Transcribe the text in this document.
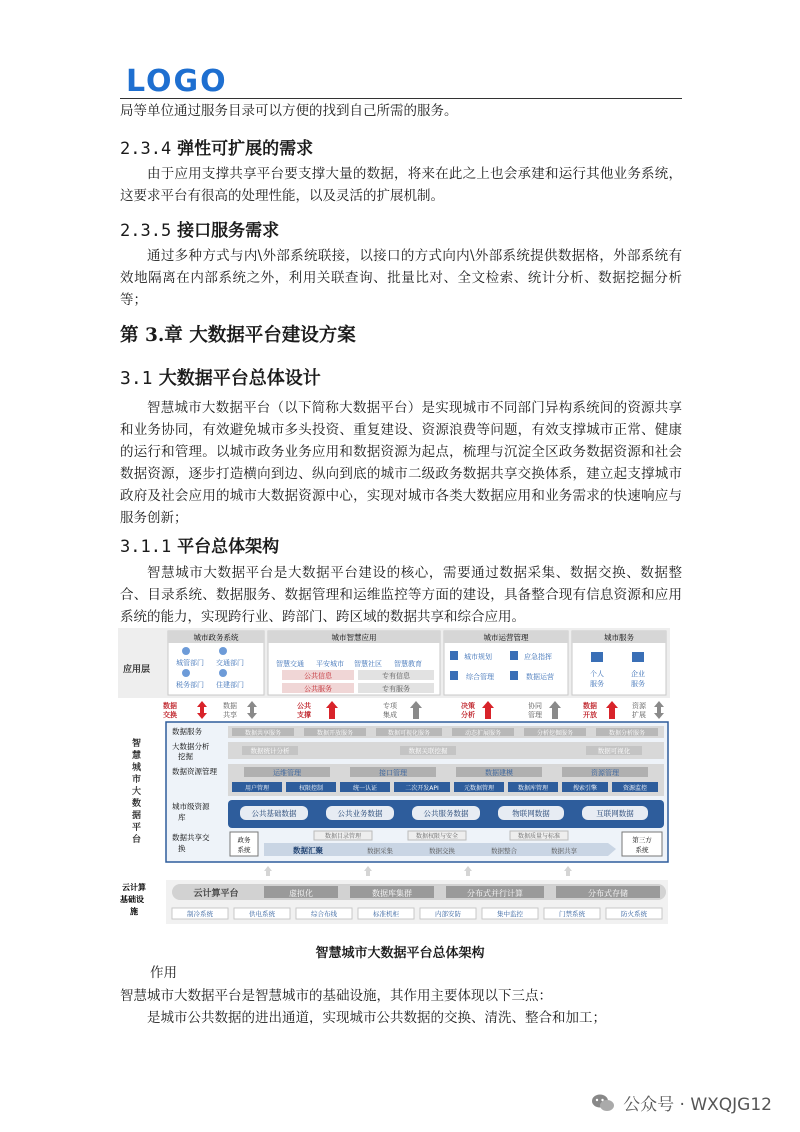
LOGO

局等单位通过服务目录可以方便的找到自己所需的服务。

2.3.4 弹性可扩展的需求

由于应用支撑共享平台要支撑大量的数据，将来在此之上也会承建和运行其他业务系统，这要求平台有很高的处理性能，以及灵活的扩展机制。

2.3.5 接口服务需求

通过多种方式与内\外部系统联接，以接口的方式向内\外部系统提供数据格，外部系统有效地隔离在内部系统之外，利用关联查询、批量比对、全文检索、统计分析、数据挖掘分析等；

第 3.章 大数据平台建设方案
3.1 大数据平台总体设计

智慧城市大数据平台（以下简称大数据平台）是实现城市不同部门异构系统间的资源共享和业务协同，有效避免城市多头投资、重复建设、资源浪费等问题，有效支撑城市正常、健康的运行和管理。以城市政务业务应用和数据资源为起点，梳理与沉淀全区政务数据资源和社会数据资源，逐步打造横向到边、纵向到底的城市二级政务数据共享交换体系，建立起支撑城市政府及社会应用的城市大数据资源中心，实现对城市各类大数据应用和业务需求的快速响应与服务创新；

3.1.1 平台总体架构

智慧城市大数据平台是大数据平台建设的核心，需要通过数据采集、数据交换、数据整合、目录系统、数据服务、数据管理和运维监控等方面的建设，具备整合现有信息资源和应用系统的能力，实现跨行业、跨部门、跨区域的数据共享和综合应用。

应用层
城市政务系统
城管部门 交通部门
税务部门 住建部门
城市智慧应用
智慧交通 平安城市 智慧社区 智慧教育
公共信息
公共服务
专有信息
专有服务
城市运营管理
城市规划	应急指挥
综合管理	数据运营
城市服务
个人
服务
企业
服务
数据
交换
数据
共享
公共
支撑
专项
集成
决策
分析
协同
管理
数据
开放
资源
扩展
智
慧
城
市
大
数
据
平
台
数据服务	数据共享服务	数据开放服务	数据可视化服务	动态扩展服务	分析挖掘服务	数据分析服务
大数据分析
挖掘
数据统计分析	数据关联挖掘	数据可视化
数据资源管理	运维管理	接口管理	数据建模	资源管理
用户管理	权限控制	统一认证	二次开发API	元数据管理	数据库管理	搜索引擎	资源监控
城市级资源
库	公共基础数据	公共业务数据	公共服务数据	物联网数据	互联网数据
数据共享交
换
政务
系统
数据目录管理	数据权限与安全	数据质量与标准
数据汇聚	数据采集	数据交换	数据整合	数据共享
第三方
系统
云计算
基础设
施
云计算平台	虚拟化	数据库集群	分布式并行计算	分布式存储
制冷系统	供电系统	综合布线	标准机柜	内部安防	集中监控	门禁系统	防火系统
智慧城市大数据平台总体架构

作用

智慧城市大数据平台是智慧城市的基础设施，其作用主要体现以下三点：

是城市公共数据的进出通道，实现城市公共数据的交换、清洗、整合和加工；

公众号 · WXQJG12
